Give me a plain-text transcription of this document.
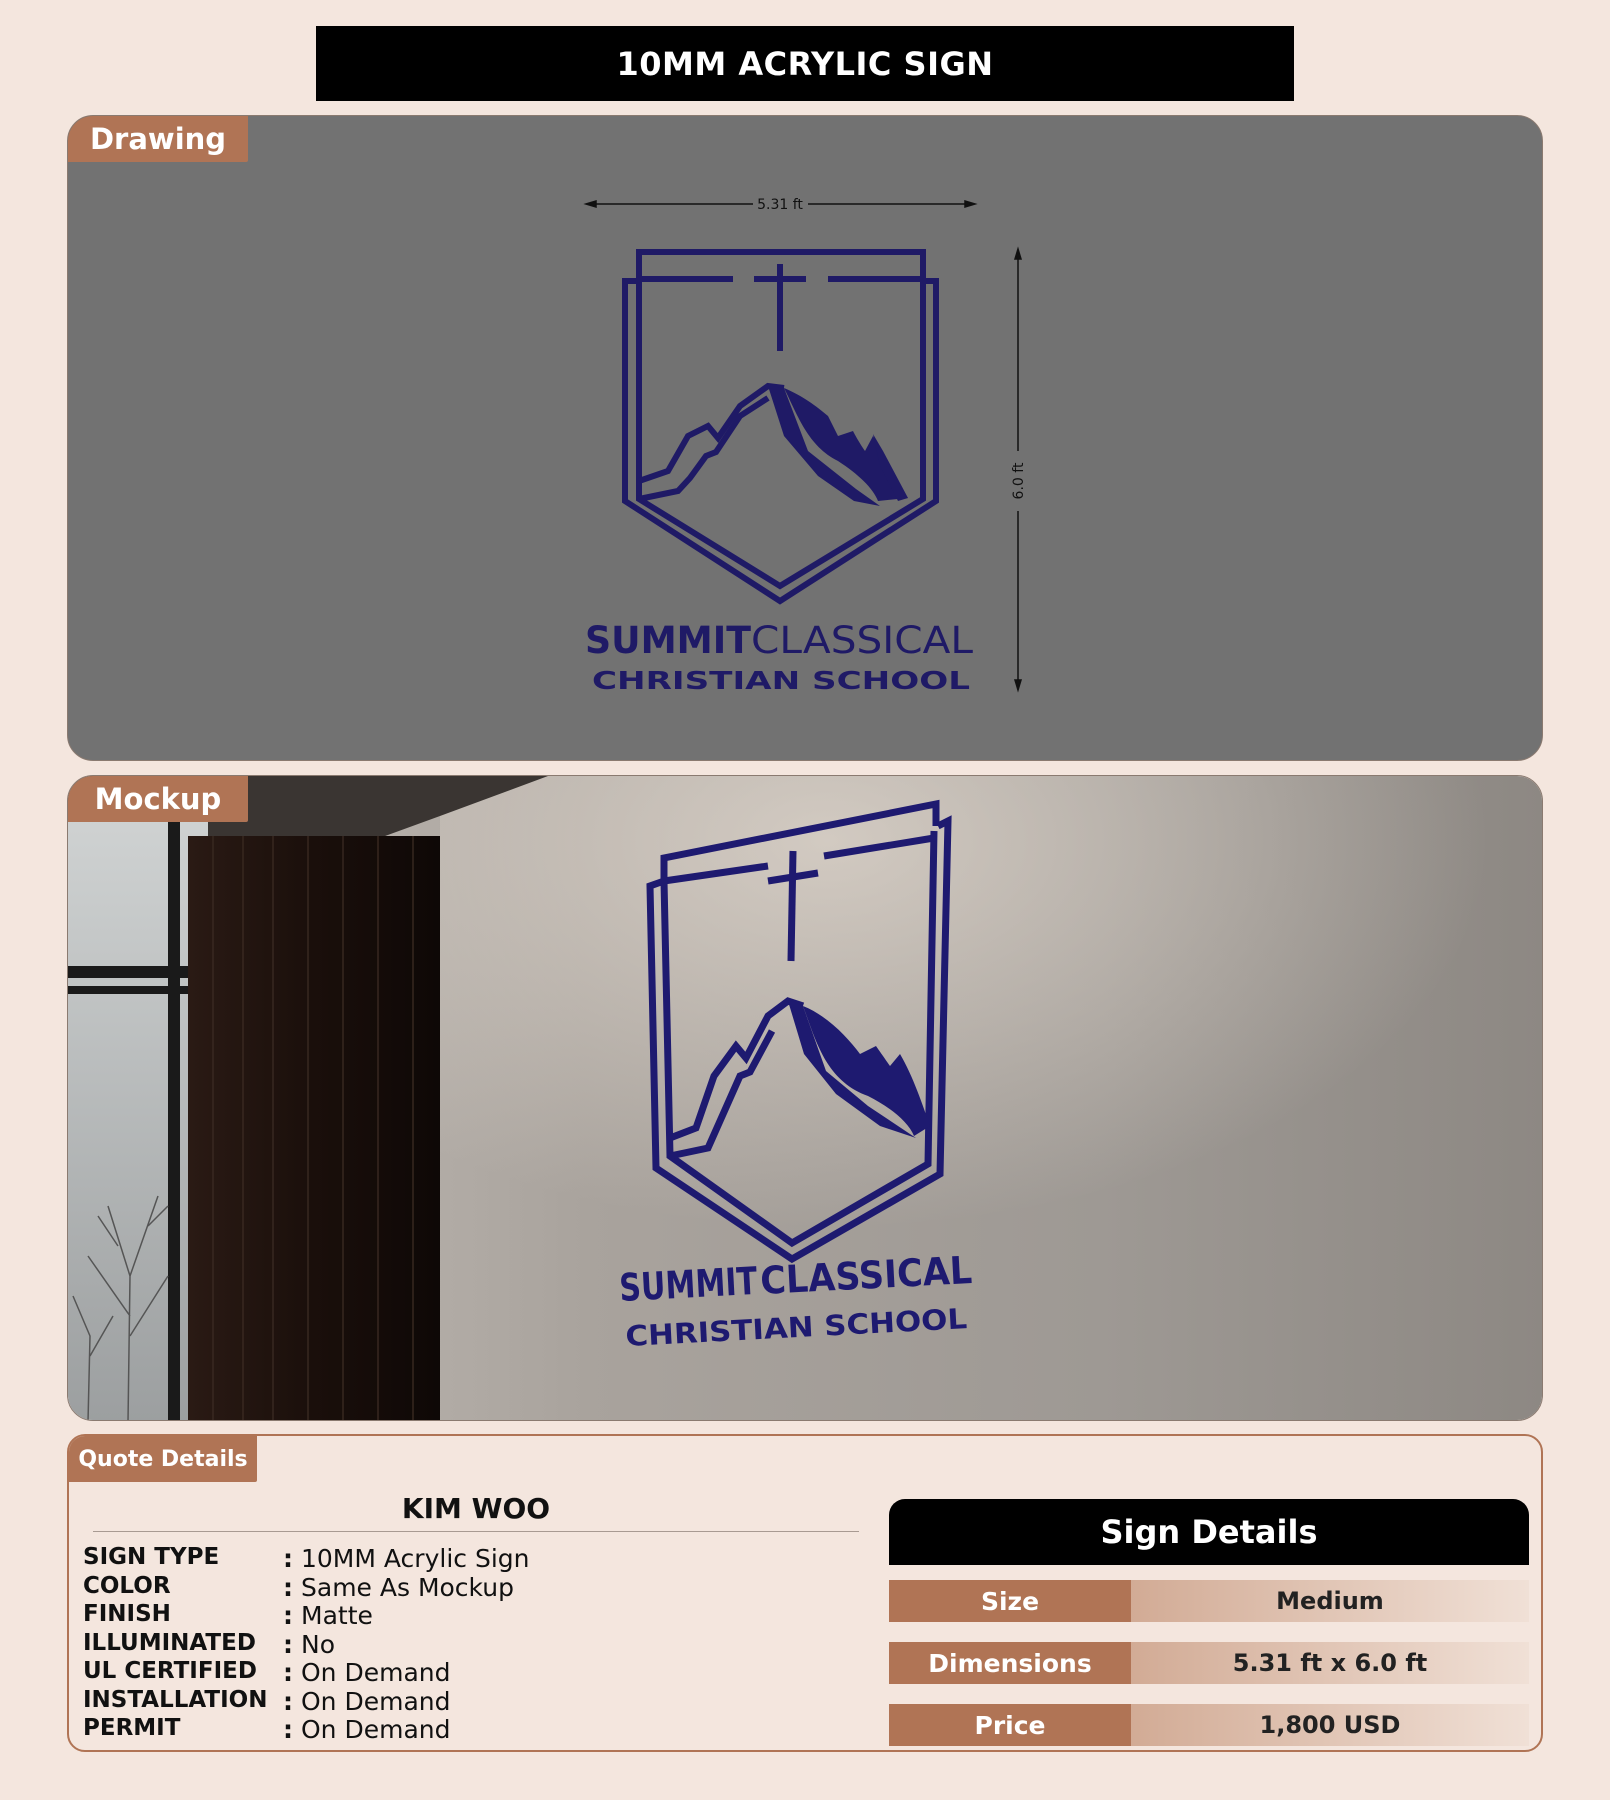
10MM ACRYLIC SIGN
Drawing
5.31 ft
6.0 ft
SUMMIT CLASSICAL
CHRISTIAN SCHOOL
Mockup
SUMMIT
CLASSICAL
CHRISTIAN SCHOOL
Quote Details
KIM WOO
SIGN TYPE	: 10MM Acrylic Sign
COLOR	: Same As Mockup
FINISH	: Matte
ILLUMINATED	: No
UL CERTIFIED	: On Demand
INSTALLATION : On Demand
PERMIT	: On Demand
Sign Details
Size	Medium
Dimensions	5.31 ft x 6.0 ft
Price	1,800 USD
